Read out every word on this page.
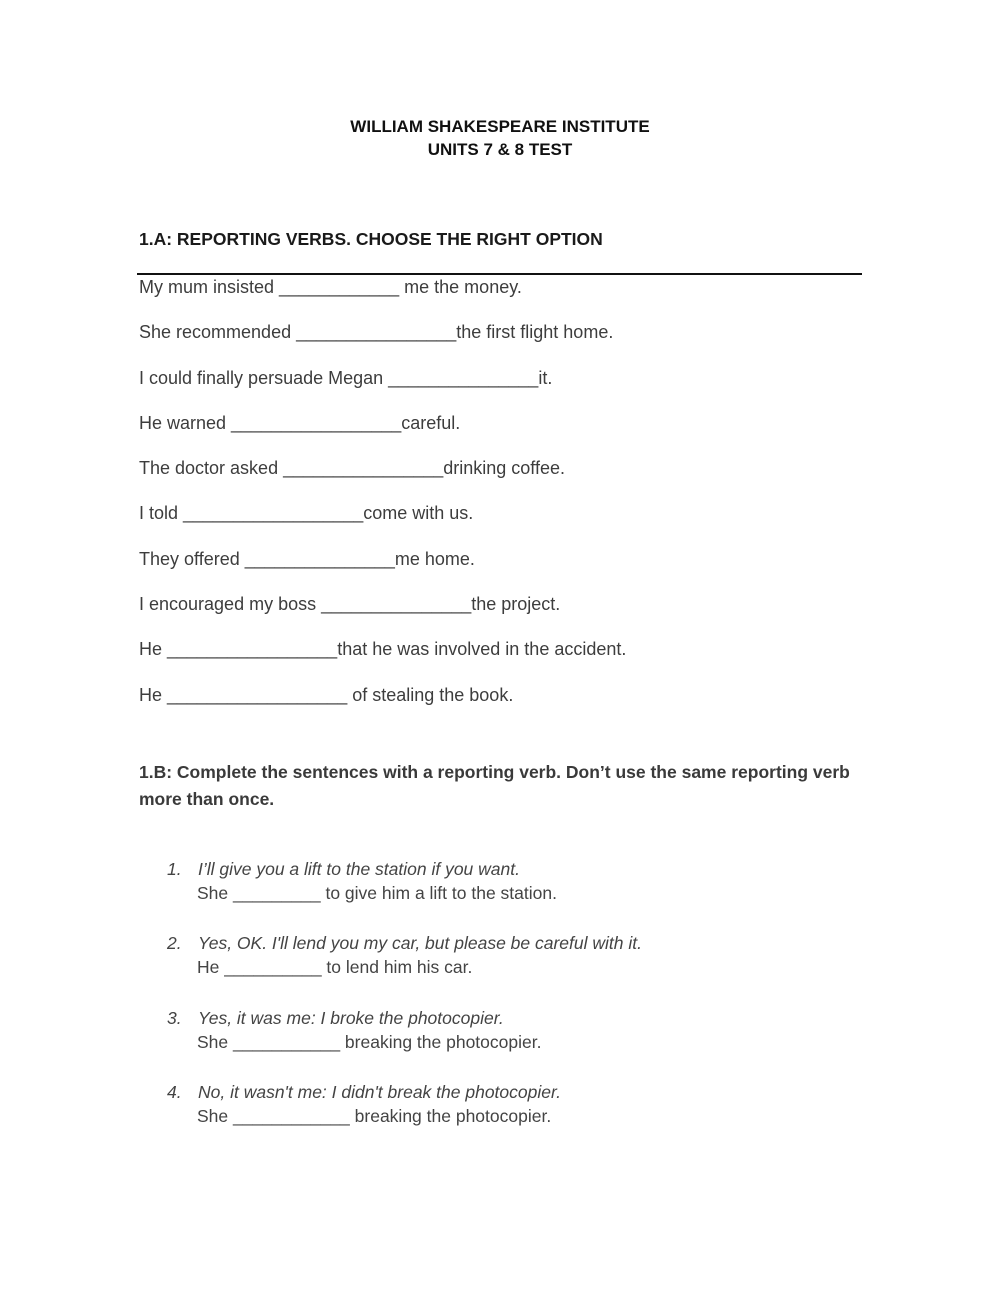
WILLIAM SHAKESPEARE INSTITUTE
UNITS 7 & 8 TEST
1.A: REPORTING VERBS. CHOOSE THE RIGHT OPTION
My mum insisted ____________ me the money.
She recommended ________________the first flight home.
I could finally persuade Megan _______________it.
He warned _________________careful.
The doctor asked ________________drinking coffee.
I told __________________come with us.
They offered _______________me home.
I encouraged my boss _______________the project.
He _________________that he was involved in the accident.
He __________________ of stealing the book.
1.B: Complete the sentences with a reporting verb. Don’t use the same reporting verb more than once.
1. I’ll give you a lift to the station if you want.
She _________ to give him a lift to the station.
2. Yes, OK. I'll lend you my car, but please be careful with it.
He __________ to lend him his car.
3. Yes, it was me: I broke the photocopier.
She ___________ breaking the photocopier.
4. No, it wasn't me: I didn't break the photocopier.
She ____________ breaking the photocopier.
